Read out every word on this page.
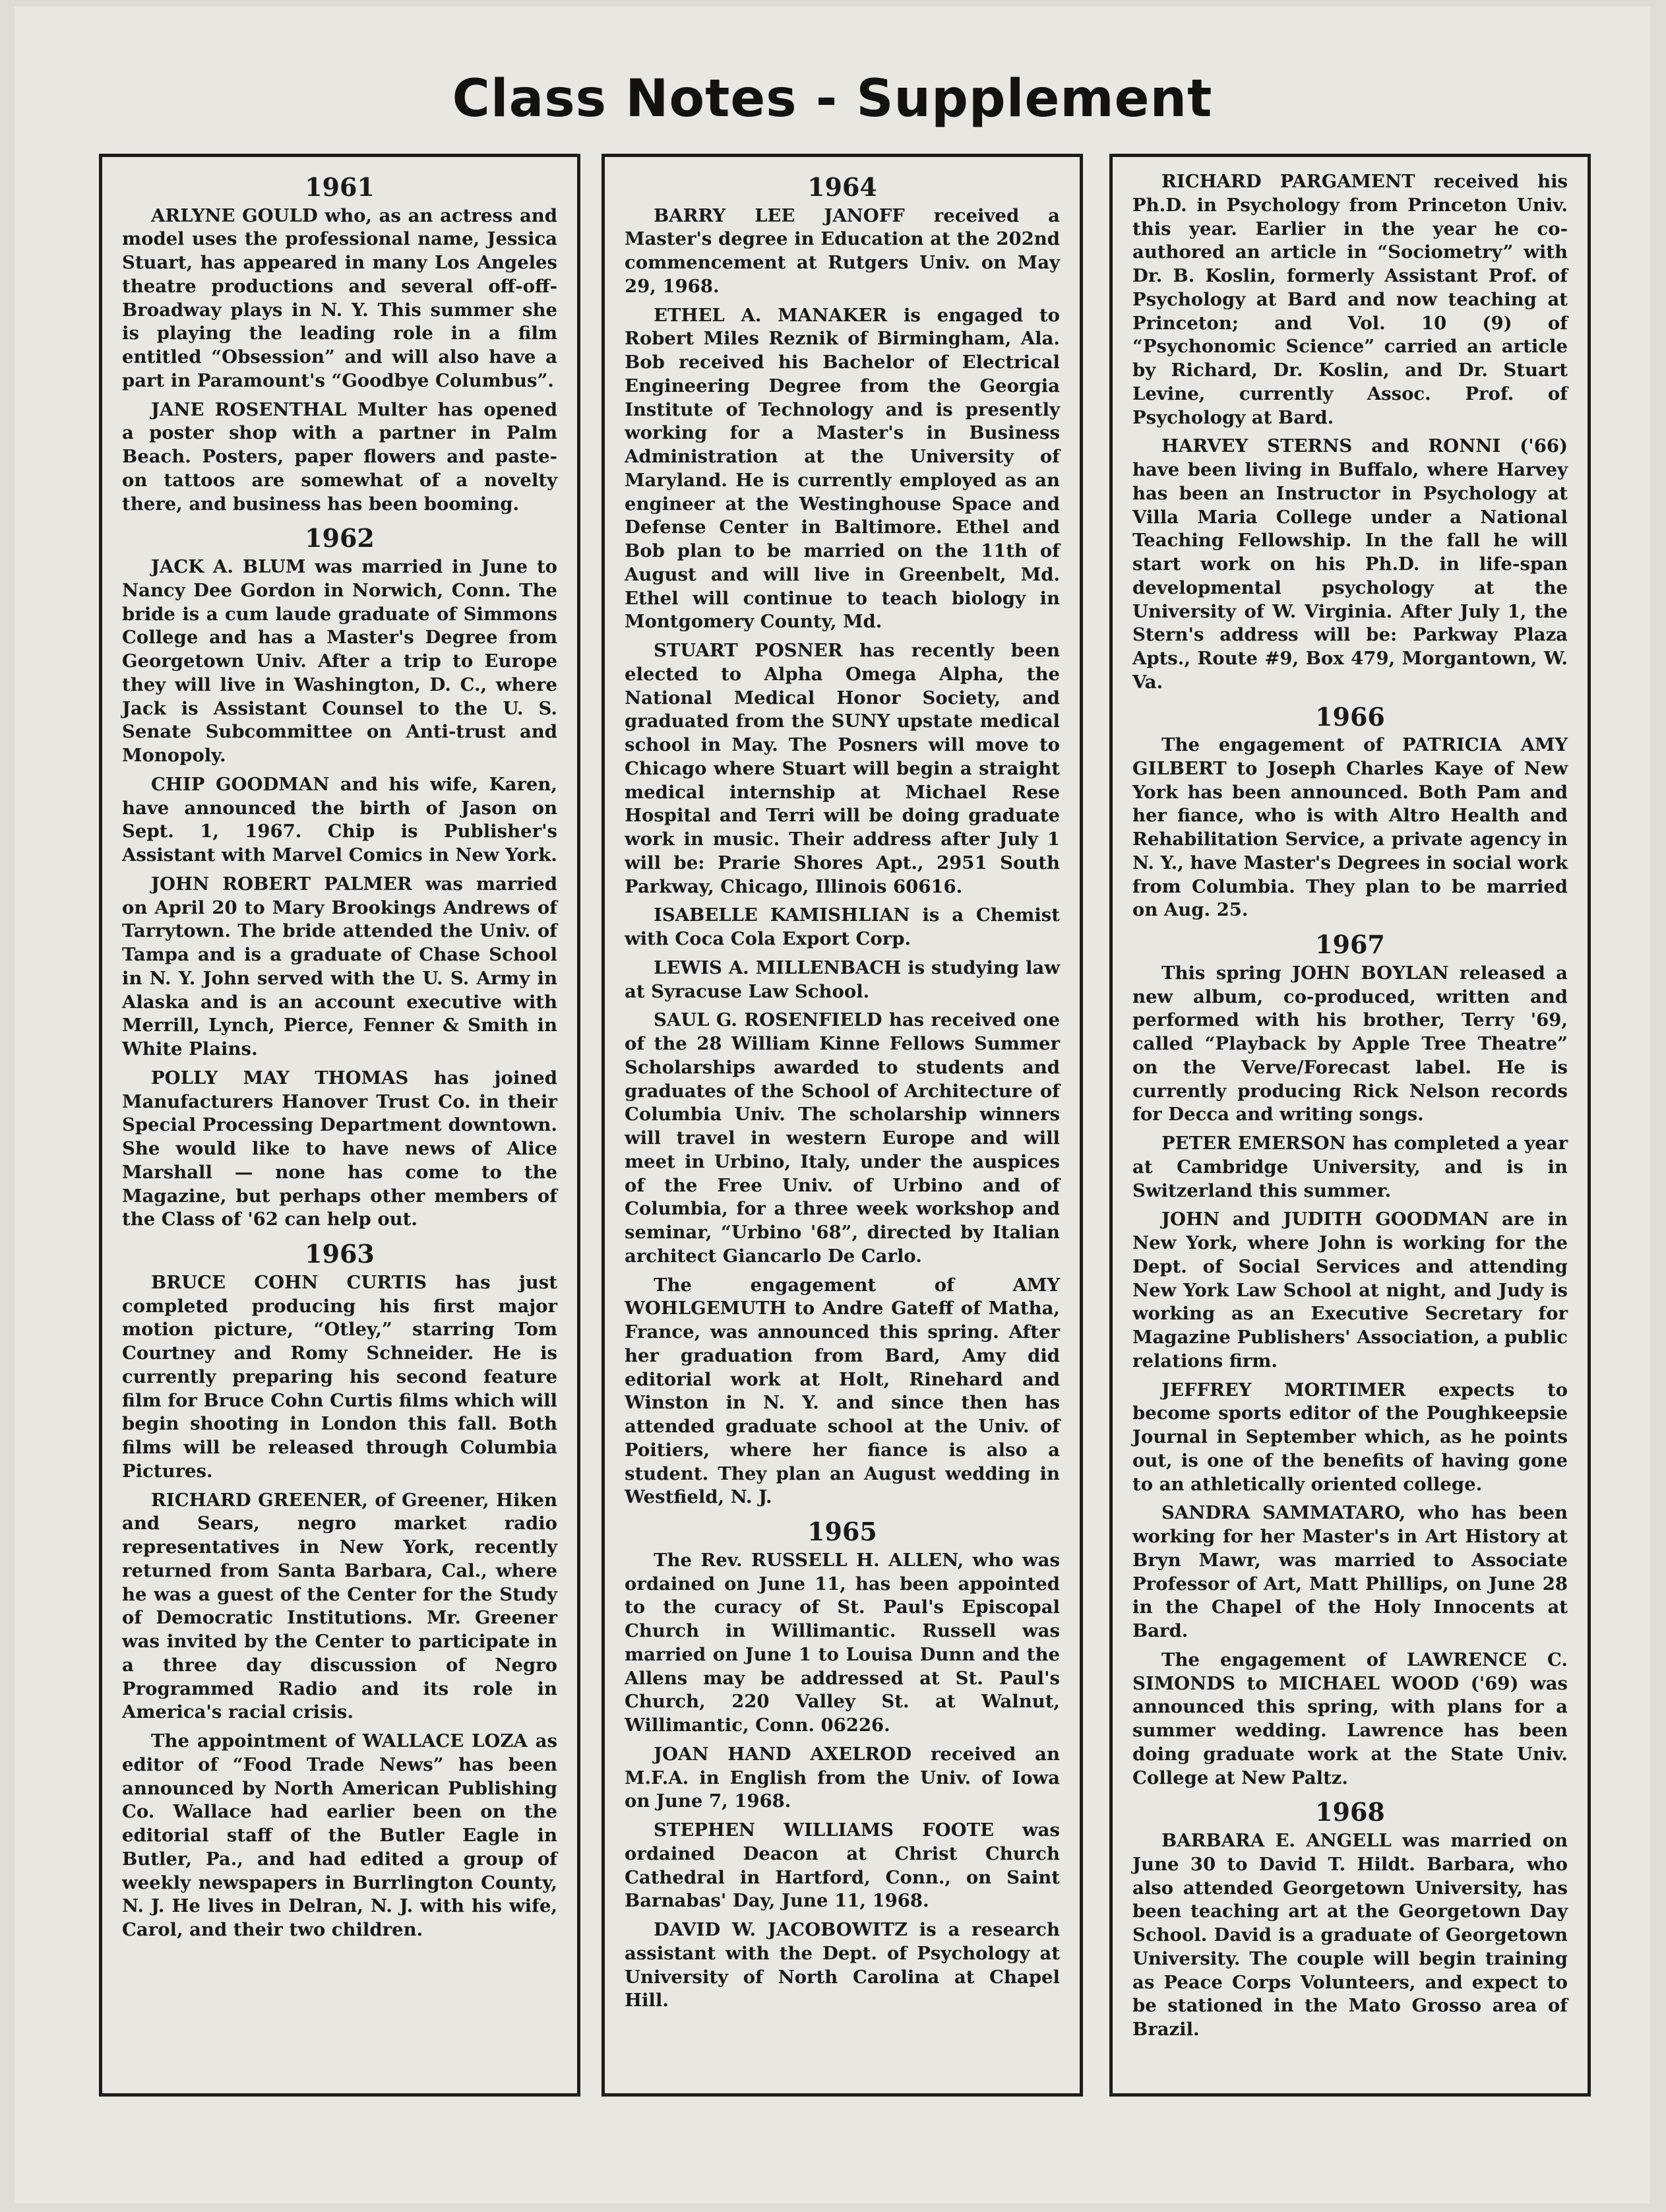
Class Notes - Supplement
1961

ARLYNE GOULD who, as an actress and model uses the professional name, Jessica Stuart, has appeared in many Los Angeles theatre productions and several off-off-Broadway plays in N. Y. This summer she is playing the leading role in a film entitled “Obsession” and will also have a part in Paramount's “Goodbye Columbus”.

JANE ROSENTHAL Multer has opened a poster shop with a partner in Palm Beach. Posters, paper flowers and paste-on tattoos are somewhat of a novelty there, and business has been booming.

1962

JACK A. BLUM was married in June to Nancy Dee Gordon in Norwich, Conn. The bride is a cum laude graduate of Simmons College and has a Master's Degree from Georgetown Univ. After a trip to Europe they will live in Washington, D. C., where Jack is Assistant Counsel to the U. S. Senate Subcommittee on Anti-trust and Monopoly.

CHIP GOODMAN and his wife, Karen, have announced the birth of Jason on Sept. 1, 1967. Chip is Publisher's Assistant with Marvel Comics in New York.

JOHN ROBERT PALMER was married on April 20 to Mary Brookings Andrews of Tarrytown. The bride attended the Univ. of Tampa and is a graduate of Chase School in N. Y. John served with the U. S. Army in Alaska and is an account executive with Merrill, Lynch, Pierce, Fenner & Smith in White Plains.

POLLY MAY THOMAS has joined Manufacturers Hanover Trust Co. in their Special Processing Department downtown. She would like to have news of Alice Marshall — none has come to the Magazine, but perhaps other members of the Class of '62 can help out.

1963

BRUCE COHN CURTIS has just completed producing his first major motion picture, “Otley,” starring Tom Courtney and Romy Schneider. He is currently preparing his second feature film for Bruce Cohn Curtis films which will begin shooting in London this fall. Both films will be released through Columbia Pictures.

RICHARD GREENER, of Greener, Hiken and Sears, negro market radio representatives in New York, recently returned from Santa Barbara, Cal., where he was a guest of the Center for the Study of Democratic Institutions. Mr. Greener was invited by the Center to participate in a three day discussion of Negro Programmed Radio and its role in America's racial crisis.

The appointment of WALLACE LOZA as editor of “Food Trade News” has been announced by North American Publishing Co. Wallace had earlier been on the editorial staff of the Butler Eagle in Butler, Pa., and had edited a group of weekly newspapers in Burrlington County, N. J. He lives in Delran, N. J. with his wife, Carol, and their two children.

1964

BARRY LEE JANOFF received a Master's degree in Education at the 202nd commencement at Rutgers Univ. on May 29, 1968.

ETHEL A. MANAKER is engaged to Robert Miles Reznik of Birmingham, Ala. Bob received his Bachelor of Electrical Engineering Degree from the Georgia Institute of Technology and is presently working for a Master's in Business Administration at the University of Maryland. He is currently employed as an engineer at the Westinghouse Space and Defense Center in Baltimore. Ethel and Bob plan to be married on the 11th of August and will live in Greenbelt, Md. Ethel will continue to teach biology in Montgomery County, Md.

STUART POSNER has recently been elected to Alpha Omega Alpha, the National Medical Honor Society, and graduated from the SUNY upstate medical school in May. The Posners will move to Chicago where Stuart will begin a straight medical internship at Michael Rese Hospital and Terri will be doing graduate work in music. Their address after July 1 will be: Prarie Shores Apt., 2951 South Parkway, Chicago, Illinois 60616.

ISABELLE KAMISHLIAN is a Chemist with Coca Cola Export Corp.

LEWIS A. MILLENBACH is studying law at Syracuse Law School.

SAUL G. ROSENFIELD has received one of the 28 William Kinne Fellows Summer Scholarships awarded to students and graduates of the School of Architecture of Columbia Univ. The scholarship winners will travel in western Europe and will meet in Urbino, Italy, under the auspices of the Free Univ. of Urbino and of Columbia, for a three week workshop and seminar, “Urbino '68”, directed by Italian architect Giancarlo De Carlo.

The engagement of AMY WOHLGEMUTH to Andre Gateff of Matha, France, was announced this spring. After her graduation from Bard, Amy did editorial work at Holt, Rinehard and Winston in N. Y. and since then has attended graduate school at the Univ. of Poitiers, where her fiance is also a student. They plan an August wedding in Westfield, N. J.

1965

The Rev. RUSSELL H. ALLEN, who was ordained on June 11, has been appointed to the curacy of St. Paul's Episcopal Church in Willimantic. Russell was married on June 1 to Louisa Dunn and the Allens may be addressed at St. Paul's Church, 220 Valley St. at Walnut, Willimantic, Conn. 06226.

JOAN HAND AXELROD received an M.F.A. in English from the Univ. of Iowa on June 7, 1968.

STEPHEN WILLIAMS FOOTE was ordained Deacon at Christ Church Cathedral in Hartford, Conn., on Saint Barnabas' Day, June 11, 1968.

DAVID W. JACOBOWITZ is a research assistant with the Dept. of Psychology at University of North Carolina at Chapel Hill.

RICHARD PARGAMENT received his Ph.D. in Psychology from Princeton Univ. this year. Earlier in the year he co-authored an article in “Sociometry” with Dr. B. Koslin, formerly Assistant Prof. of Psychology at Bard and now teaching at Princeton; and Vol. 10 (9) of “Psychonomic Science” carried an article by Richard, Dr. Koslin, and Dr. Stuart Levine, currently Assoc. Prof. of Psychology at Bard.

HARVEY STERNS and RONNI ('66) have been living in Buffalo, where Harvey has been an Instructor in Psychology at Villa Maria College under a National Teaching Fellowship. In the fall he will start work on his Ph.D. in life-span developmental psychology at the University of W. Virginia. After July 1, the Stern's address will be: Parkway Plaza Apts., Route #9, Box 479, Morgantown, W. Va.

1966

The engagement of PATRICIA AMY GILBERT to Joseph Charles Kaye of New York has been announced. Both Pam and her fiance, who is with Altro Health and Rehabilitation Service, a private agency in N. Y., have Master's Degrees in social work from Columbia. They plan to be married on Aug. 25.

1967

This spring JOHN BOYLAN released a new album, co-produced, written and performed with his brother, Terry '69, called “Playback by Apple Tree Theatre” on the Verve/Forecast label. He is currently producing Rick Nelson records for Decca and writing songs.

PETER EMERSON has completed a year at Cambridge University, and is in Switzerland this summer.

JOHN and JUDITH GOODMAN are in New York, where John is working for the Dept. of Social Services and attending New York Law School at night, and Judy is working as an Executive Secretary for Magazine Publishers' Association, a public relations firm.

JEFFREY MORTIMER expects to become sports editor of the Poughkeepsie Journal in September which, as he points out, is one of the benefits of having gone to an athletically oriented college.

SANDRA SAMMATARO, who has been working for her Master's in Art History at Bryn Mawr, was married to Associate Professor of Art, Matt Phillips, on June 28 in the Chapel of the Holy Innocents at Bard.

The engagement of LAWRENCE C. SIMONDS to MICHAEL WOOD ('69) was announced this spring, with plans for a summer wedding. Lawrence has been doing graduate work at the State Univ. College at New Paltz.

1968

BARBARA E. ANGELL was married on June 30 to David T. Hildt. Barbara, who also attended Georgetown University, has been teaching art at the Georgetown Day School. David is a graduate of Georgetown University. The couple will begin training as Peace Corps Volunteers, and expect to be stationed in the Mato Grosso area of Brazil.
